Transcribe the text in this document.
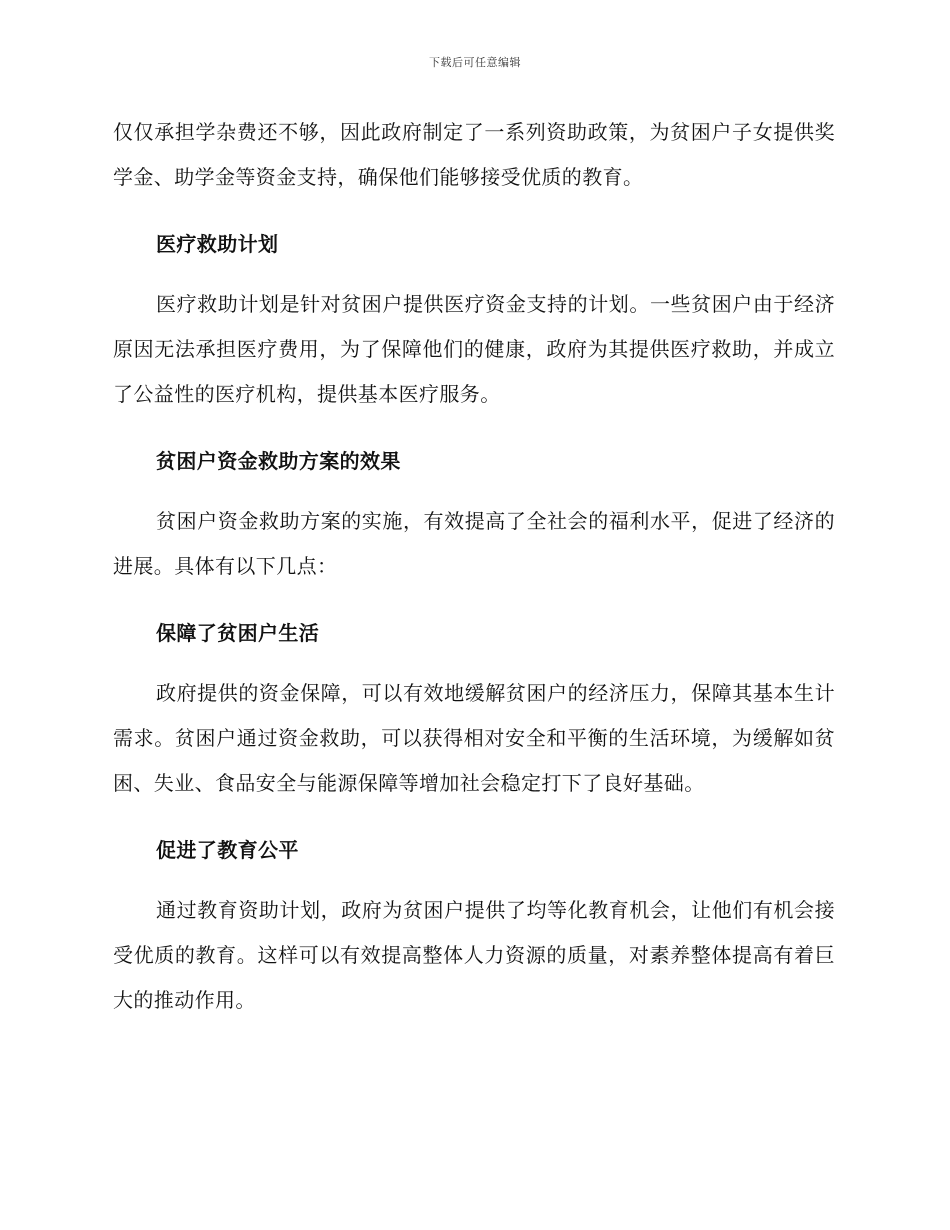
下载后可任意编辑

仅仅承担学杂费还不够，因此政府制定了一系列资助政策，为贫困户子女提供奖学金、助学金等资金支持，确保他们能够接受优质的教育。

医疗救助计划

医疗救助计划是针对贫困户提供医疗资金支持的计划。一些贫困户由于经济原因无法承担医疗费用，为了保障他们的健康，政府为其提供医疗救助，并成立了公益性的医疗机构，提供基本医疗服务。

贫困户资金救助方案的效果

贫困户资金救助方案的实施，有效提高了全社会的福利水平，促进了经济的进展。具体有以下几点：

保障了贫困户生活

政府提供的资金保障，可以有效地缓解贫困户的经济压力，保障其基本生计需求。贫困户通过资金救助，可以获得相对安全和平衡的生活环境，为缓解如贫困、失业、食品安全与能源保障等增加社会稳定打下了良好基础。

促进了教育公平

通过教育资助计划，政府为贫困户提供了均等化教育机会，让他们有机会接受优质的教育。这样可以有效提高整体人力资源的质量，对素养整体提高有着巨大的推动作用。
